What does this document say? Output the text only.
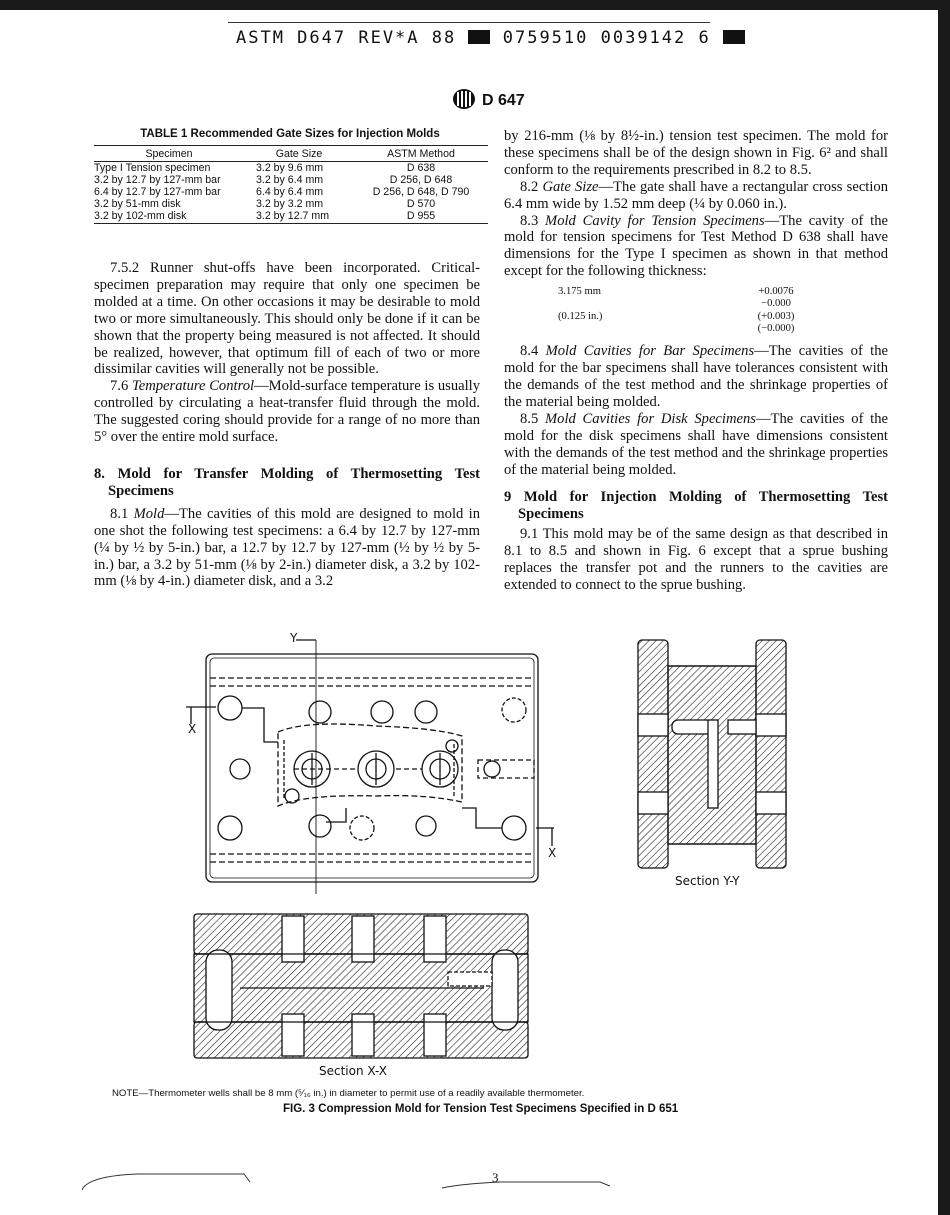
ASTM D647 REV*A 88	0759510 0039142 6
D 647
TABLE 1 Recommended Gate Sizes for Injection Molds
Specimen	Gate Size	ASTM Method
Type I Tension specimen	3.2 by 9.6 mm	D 638
3.2 by 12.7 by 127-mm bar	3.2 by 6.4 mm	D 256, D 648
6.4 by 12.7 by 127-mm bar	6.4 by 6.4 mm	D 256, D 648, D 790
3.2 by 51-mm disk	3.2 by 3.2 mm	D 570
3.2 by 102-mm disk	3.2 by 12.7 mm	D 955

7.5.2 Runner shut-offs have been incorporated. Critical-specimen preparation may require that only one specimen be molded at a time. On other occasions it may be desirable to mold two or more simultaneously. This should only be done if it can be shown that the property being measured is not affected. It should be realized, however, that optimum fill of each of two or more dissimilar cavities will generally not be possible.

7.6 Temperature Control—Mold-surface temperature is usually controlled by circulating a heat-transfer fluid through the mold. The suggested coring should provide for a range of no more than 5° over the entire mold surface.

8. Mold for Transfer Molding of Thermosetting Test Specimens

8.1 Mold—The cavities of this mold are designed to mold in one shot the following test specimens: a 6.4 by 12.7 by 127-mm (¼ by ½ by 5-in.) bar, a 12.7 by 12.7 by 127-mm (½ by ½ by 5-in.) bar, a 3.2 by 51-mm (⅛ by 2-in.) diameter disk, a 3.2 by 102-mm (⅛ by 4-in.) diameter disk, and a 3.2

by 216-mm (⅛ by 8½-in.) tension test specimen. The mold for these specimens shall be of the design shown in Fig. 6² and shall conform to the requirements prescribed in 8.2 to 8.5.

8.2 Gate Size—The gate shall have a rectangular cross section 6.4 mm wide by 1.52 mm deep (¼ by 0.060 in.).

8.3 Mold Cavity for Tension Specimens—The cavity of the mold for tension specimens for Test Method D 638 shall have dimensions for the Type I specimen as shown in that method except for the following thickness:

3.175 mm	+0.0076
−0.000
(0.125 in.)	(+0.003)
(−0.000)

8.4 Mold Cavities for Bar Specimens—The cavities of the mold for the bar specimens shall have tolerances consistent with the demands of the test method and the shrinkage properties of the material being molded.

8.5 Mold Cavities for Disk Specimens—The cavities of the mold for the disk specimens shall have dimensions consistent with the demands of the test method and the shrinkage properties of the material being molded.

9 Mold for Injection Molding of Thermosetting Test Specimens

9.1 This mold may be of the same design as that described in 8.1 to 8.5 and shown in Fig. 6 except that a sprue bushing replaces the transfer pot and the runners to the cavities are extended to connect to the sprue bushing.

Y
X
X
Section Y-Y
Section X-X
NOTE—Thermometer wells shall be 8 mm (⁵⁄₁₆ in.) in diameter to permit use of a readily available thermometer.
FIG. 3 Compression Mold for Tension Test Specimens Specified in D 651
3
